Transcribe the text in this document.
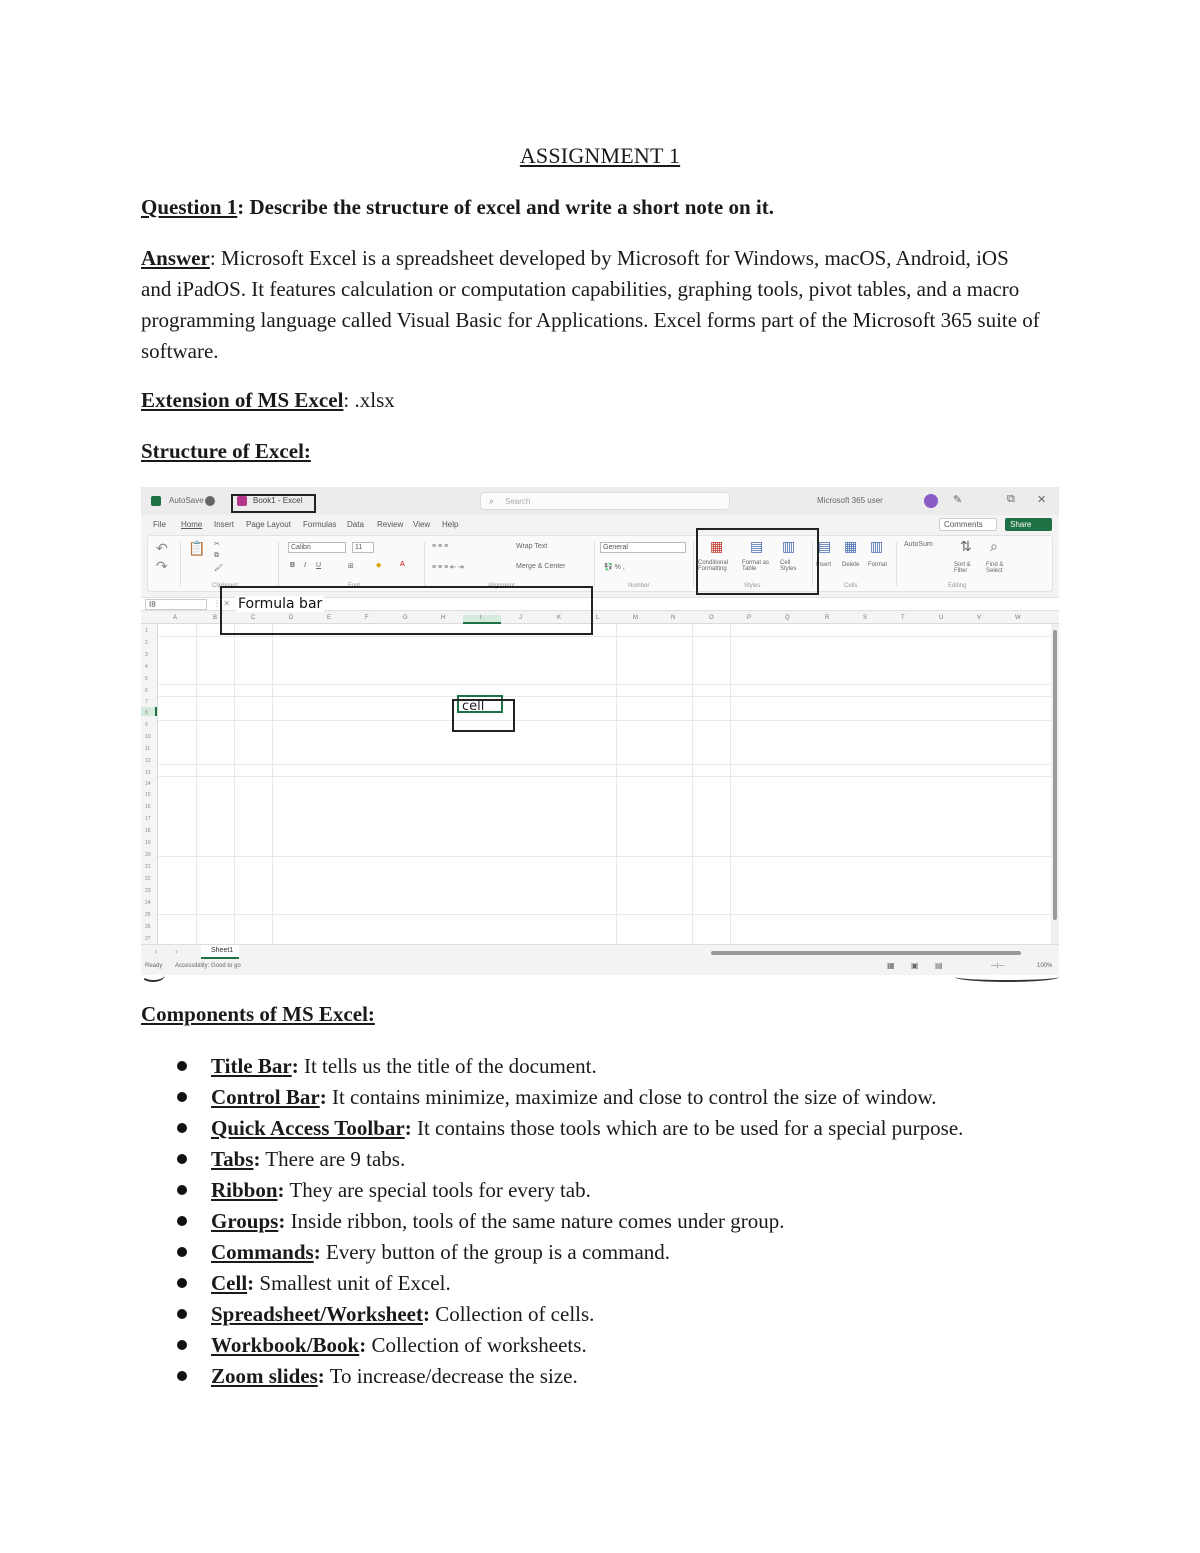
ASSIGNMENT 1
Question 1: Describe the structure of excel and write a short note on it.
Answer: Microsoft Excel is a spreadsheet developed by Microsoft for Windows, macOS, Android, iOS and iPadOS. It features calculation or computation capabilities, graphing tools, pivot tables, and a macro programming language called Visual Basic for Applications. Excel forms part of the Microsoft 365 suite of software.
Extension of MS Excel: .xlsx
Structure of Excel:
AutoSave	Book1 - Excel	⌕ Search	Microsoft 365 user	✎	⧉ ✕
File Home Insert Page Layout Formulas Data Review View Help	Comments	Share
↶
↷
📋 ✂
⧉
🖌
Clipboard
Calibri	11
B I U	⊞	◆	A
Font
≡ ≡ ≡
≡ ≡ ≡ ⇤ ⇥
Wrap Text
Merge & Center
Alignment
General
💱 % ,
Number
▦ ▤ ▥
Conditional Formatting
Format as Table
Cell Styles
Styles
▤ ▦ ▥
Insert Delete Format
Cells
AutoSum ⇅ ⌕
Sort & Filter
Find & Select
Editing
I8	⋮ ✕
A	B	C	D	E	F	G	H	I	J	K	L	M	N	O	P	Q	R	S	T	U	V	W
1
2
3
4
5
6
7
8
9
10
11
12
13
14
15
16
17
18
19
20
21
22
23
24
25
26
27
cell
‹ ›	Sheet1
Ready Accessibility: Good to go	▦ ▣ ▤	—|—	100%
Formula bar
Components of MS Excel:
Title Bar: It tells us the title of the document.
Control Bar: It contains minimize, maximize and close to control the size of window.
Quick Access Toolbar: It contains those tools which are to be used for a special purpose.
Tabs: There are 9 tabs.
Ribbon: They are special tools for every tab.
Groups: Inside ribbon, tools of the same nature comes under group.
Commands: Every button of the group is a command.
Cell: Smallest unit of Excel.
Spreadsheet/Worksheet: Collection of cells.
Workbook/Book: Collection of worksheets.
Zoom slides: To increase/decrease the size.
